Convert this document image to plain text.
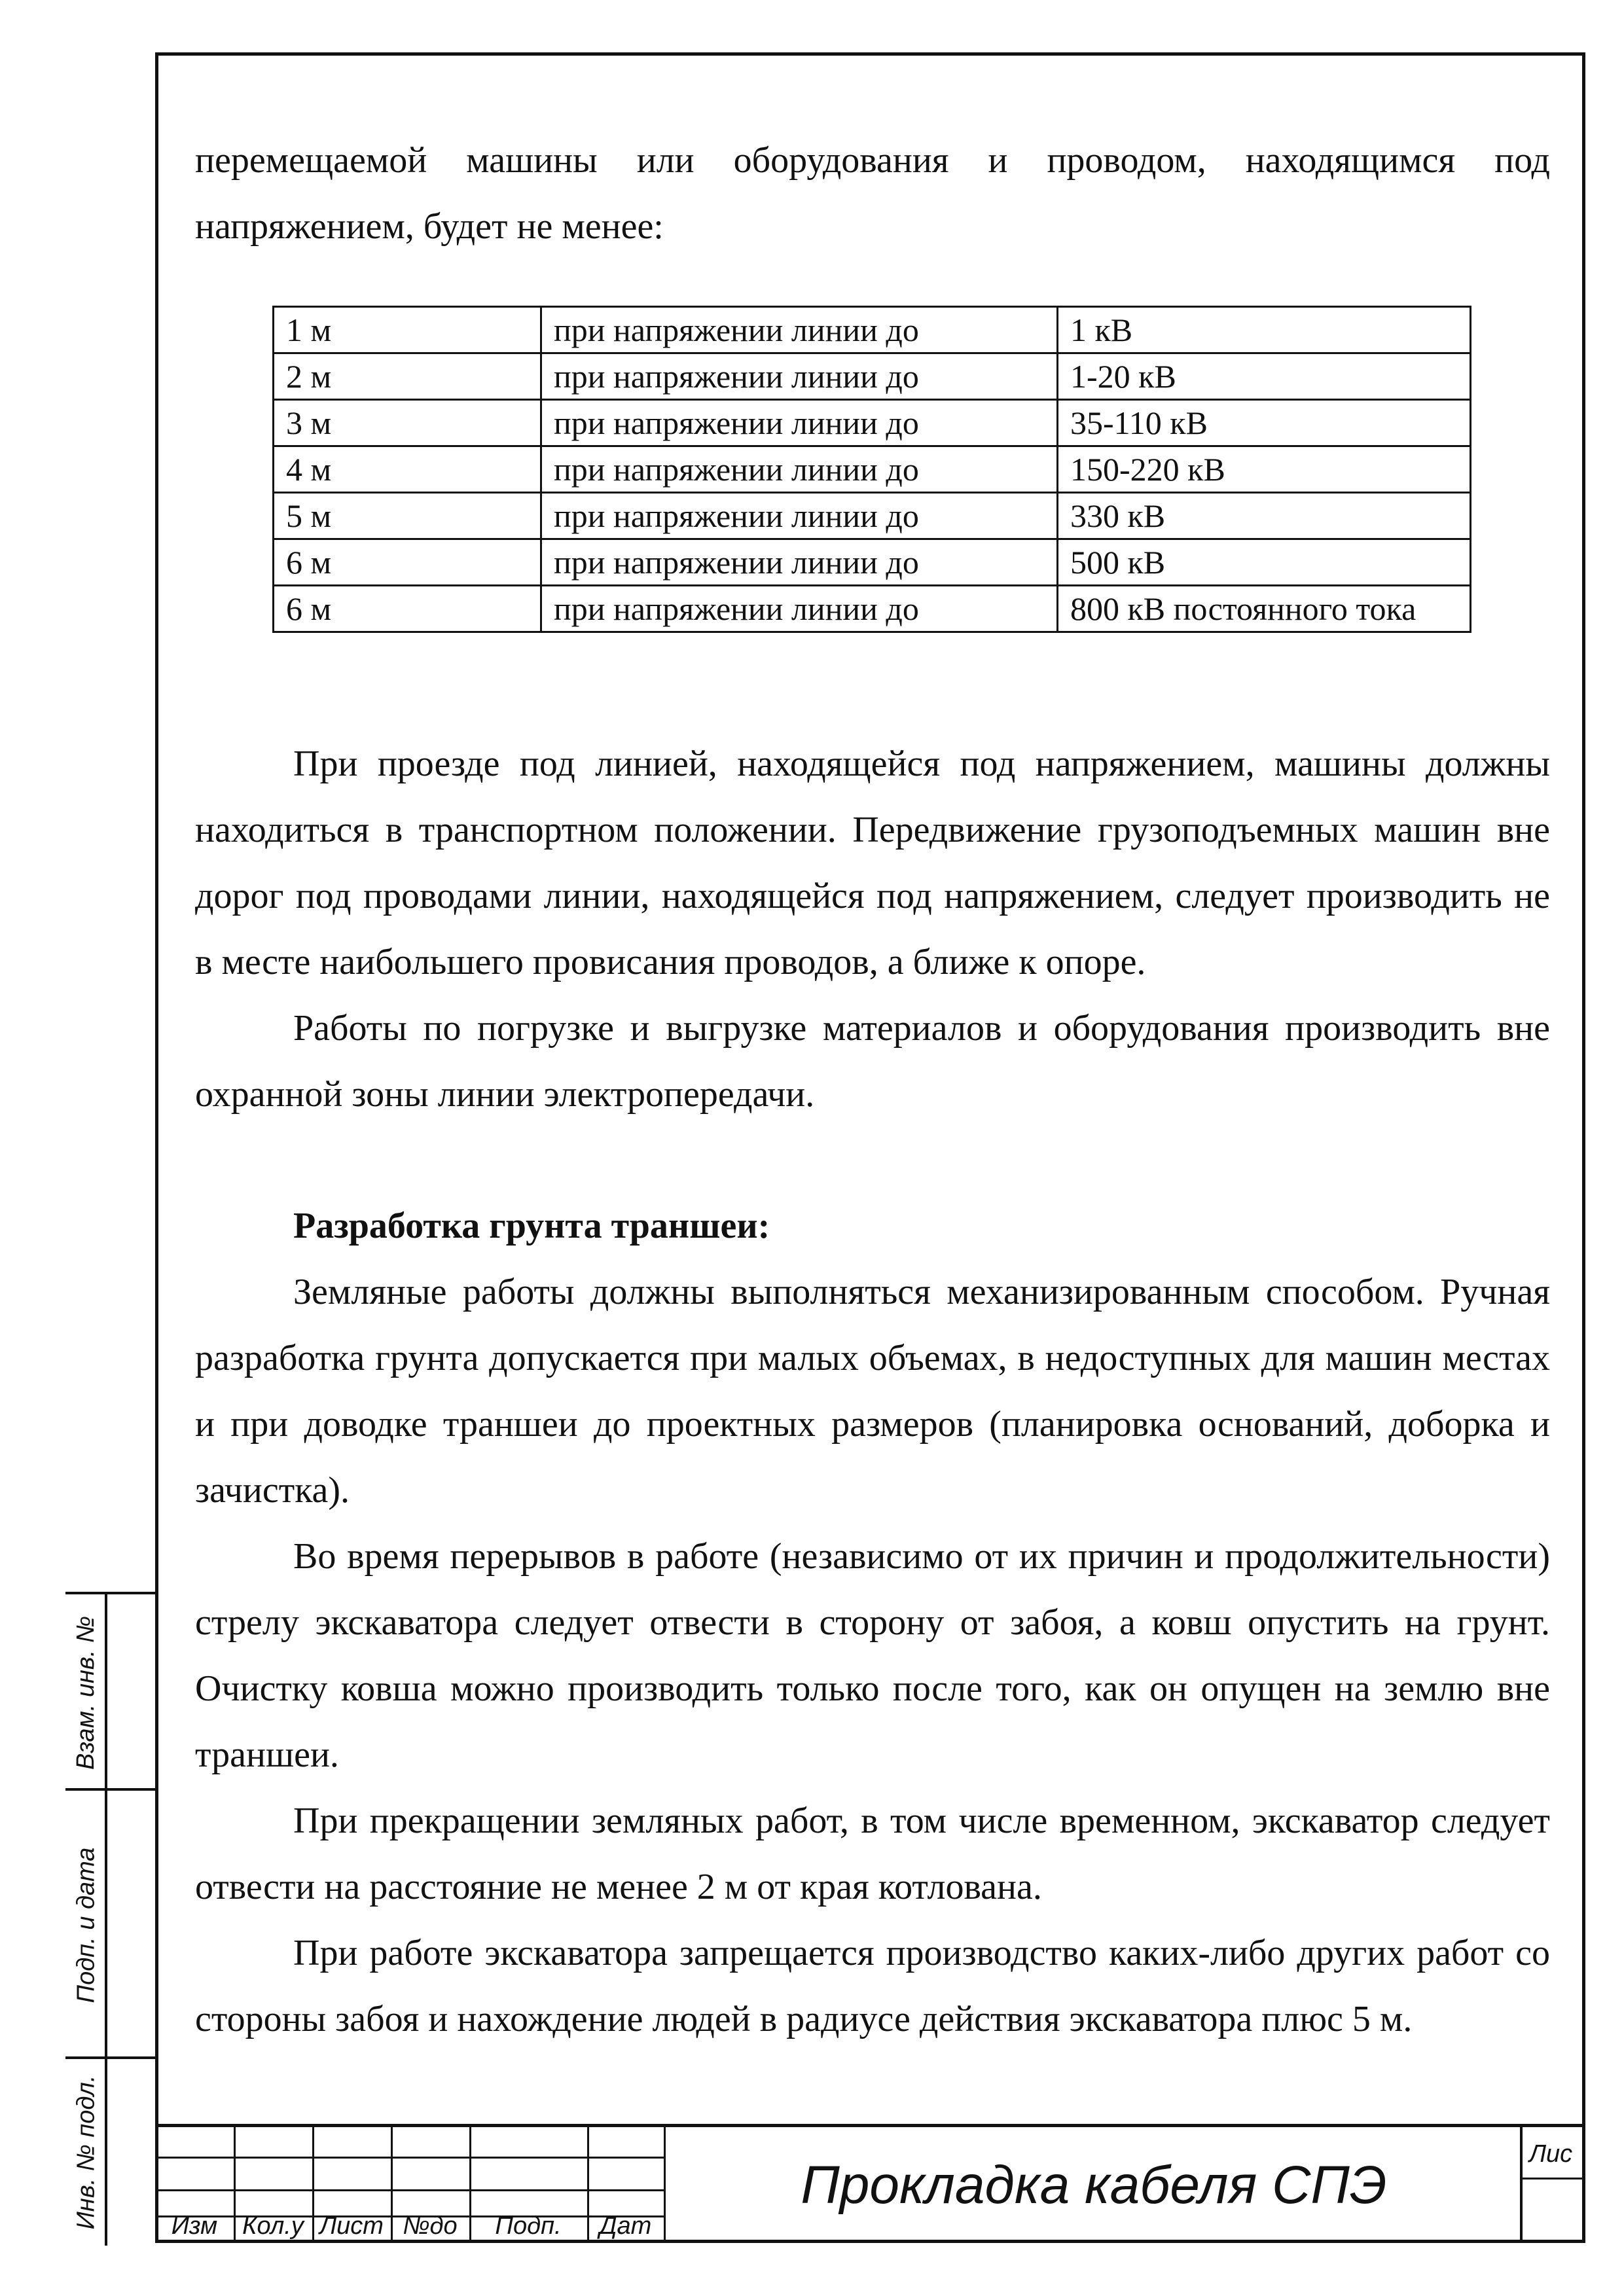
перемещаемой машины или оборудования и проводом, находящимся под напряжением, будет не менее:

1 м	при напряжении линии до	1 кВ
2 м	при напряжении линии до	1-20 кВ
3 м	при напряжении линии до	35-110 кВ
4 м	при напряжении линии до	150-220 кВ
5 м	при напряжении линии до	330 кВ
6 м	при напряжении линии до	500 кВ
6 м	при напряжении линии до	800 кВ постоянного тока

При проезде под линией, находящейся под напряжением, машины должны находиться в транспортном положении. Передвижение грузоподъемных машин вне дорог под проводами линии, находящейся под напряжением, следует производить не в месте наибольшего провисания проводов, а ближе к опоре.

Работы по погрузке и выгрузке материалов и оборудования производить вне охранной зоны линии электропередачи.

Разработка грунта траншеи:

Земляные работы должны выполняться механизированным способом. Ручная разработка грунта допускается при малых объемах, в недоступных для машин местах и при доводке траншеи до проектных размеров (планировка оснований, доборка и зачистка).

Во время перерывов в работе (независимо от их причин и продолжительности) стрелу экскаватора следует отвести в сторону от забоя, а ковш опустить на грунт. Очистку ковша можно производить только после того, как он опущен на землю вне траншеи.

При прекращении земляных работ, в том числе временном, экскаватор следует отвести на расстояние не менее 2 м от края котлована.

При работе экскаватора запрещается производство каких-либо других работ со стороны забоя и нахождение людей в радиусе действия экскаватора плюс 5 м.

Взам. инв. №
Подп. и дата
Инв. № подл.	Изм Кол.у Лист №до	Подп.	Дат
Прокладка кабеля СПЭ
Лис
